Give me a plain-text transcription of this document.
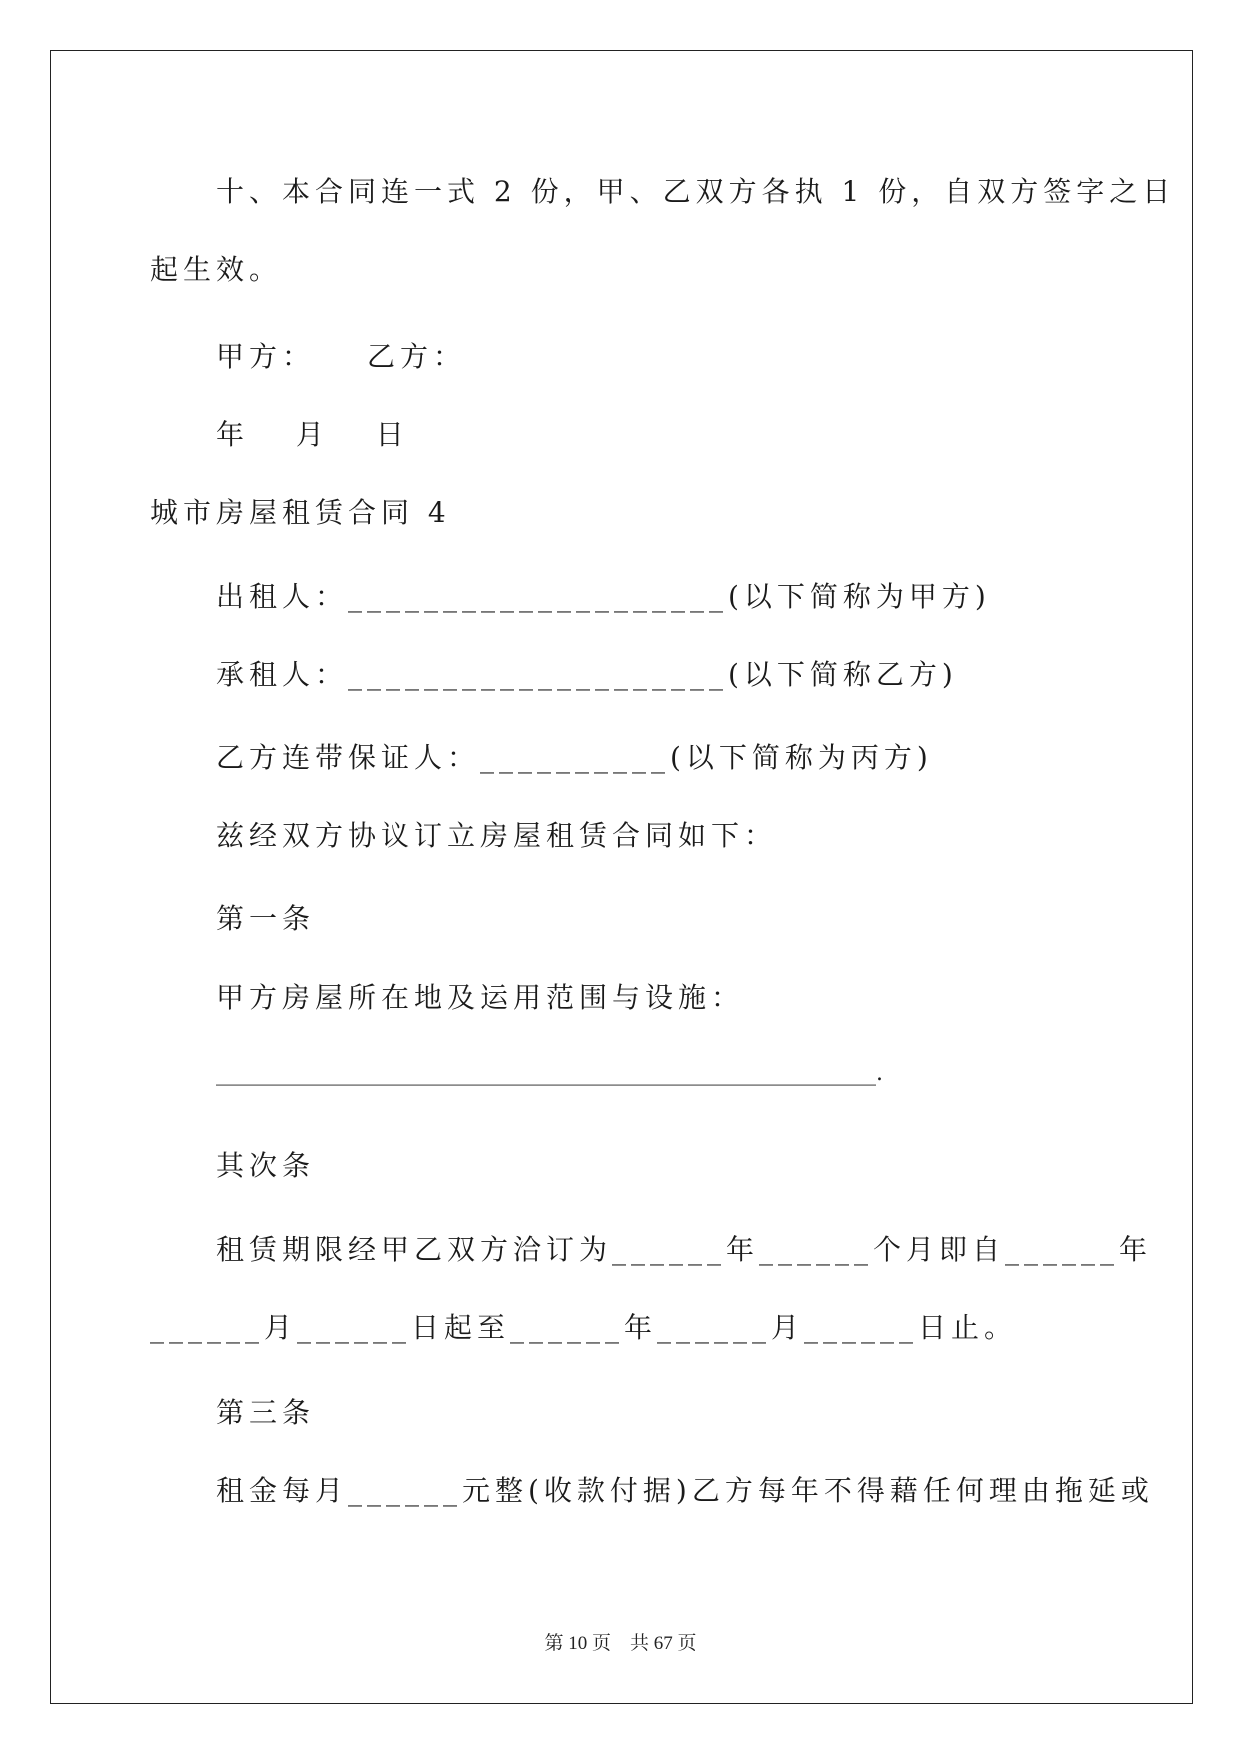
十、本合同连一式 2 份，甲、乙双方各执 1 份，自双方签字之日
起生效。
甲方：　　乙方：
年　 月　 日
城市房屋租赁合同 4
出租人：____________________(以下简称为甲方)
承租人：____________________(以下简称乙方)
乙方连带保证人：__________(以下简称为丙方)
兹经双方协议订立房屋租赁合同如下：
第一条
甲方房屋所在地及运用范围与设施：
____________________________________________________________.
其次条
租赁期限经甲乙双方洽订为______年______个月即自______年
______月______日起至______年______月______日止。
第三条
租金每月______元整(收款付据)乙方每年不得藉任何理由拖延或
第 10 页　共 67 页
